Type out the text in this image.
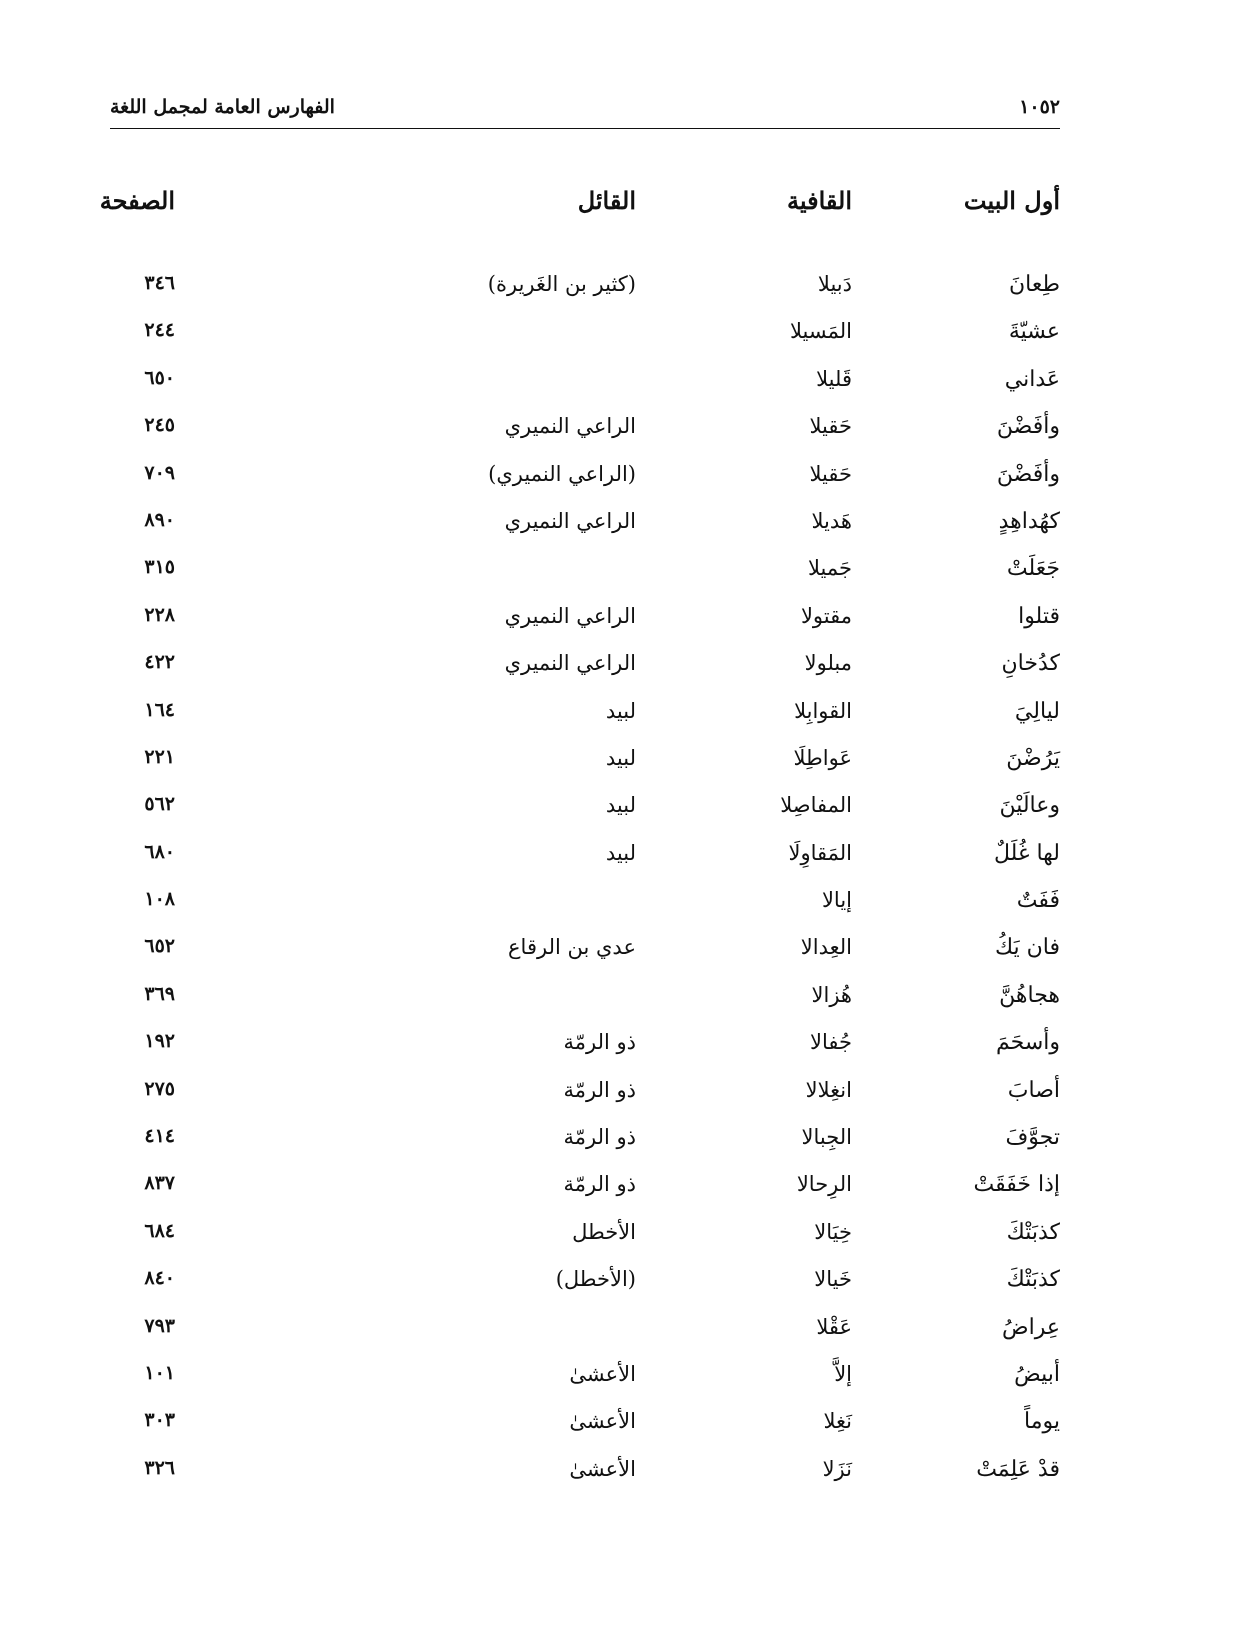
١٠٥٢
الفهارس العامة لمجمل اللغة
أول البيت
القافية
القائل
الصفحة
طِعانَ
دَبيلا
(كثير بن الغَريرة)
٣٤٦
عشيّةَ
المَسيلا
٢٤٤
عَداني
قَليلا
٦٥٠
وأفَضْنَ
حَقيلا
الراعي النميري
٢٤٥
وأفَضْنَ
حَقيلا
(الراعي النميري)
٧٠٩
كهُداهِدٍ
هَديلا
الراعي النميري
٨٩٠
جَعَلَتْ
جَميلا
٣١٥
قتلوا
مقتولا
الراعي النميري
٢٢٨
كدُخانِ
مبلولا
الراعي النميري
٤٢٢
ليالِيَ
القوابِلا
لبيد
١٦٤
يَرُضْنَ
عَواطِلَا
لبيد
٢٢١
وعالَيْنَ
المفاصِلا
لبيد
٥٦٢
لها غُلَلٌ
المَقاوِلَا
لبيد
٦٨٠
فَفَتٌ
إيالا
١٠٨
فان يَكُ
العِدالا
عدي بن الرقاع
٦٥٢
هجاهُنَّ
هُزالا
٣٦٩
وأسحَمَ
جُفالا
ذو الرمّة
١٩٢
أصابَ
انغِلالا
ذو الرمّة
٢٧٥
تجوَّفَ
الجِبالا
ذو الرمّة
٤١٤
إذا خَفَقَتْ
الرِحالا
ذو الرمّة
٨٣٧
كذبَتْكَ
خِيَالا
الأخطل
٦٨٤
كذبَتْكَ
خَيالا
(الأخطل)
٨٤٠
عِراضُ
عَقْلا
٧٩٣
أبيضُ
إلاَّ
الأعشىٰ
١٠١
يوماً
نَغِلا
الأعشىٰ
٣٠٣
قدْ عَلِمَتْ
نَزَلا
الأعشىٰ
٣٢٦
